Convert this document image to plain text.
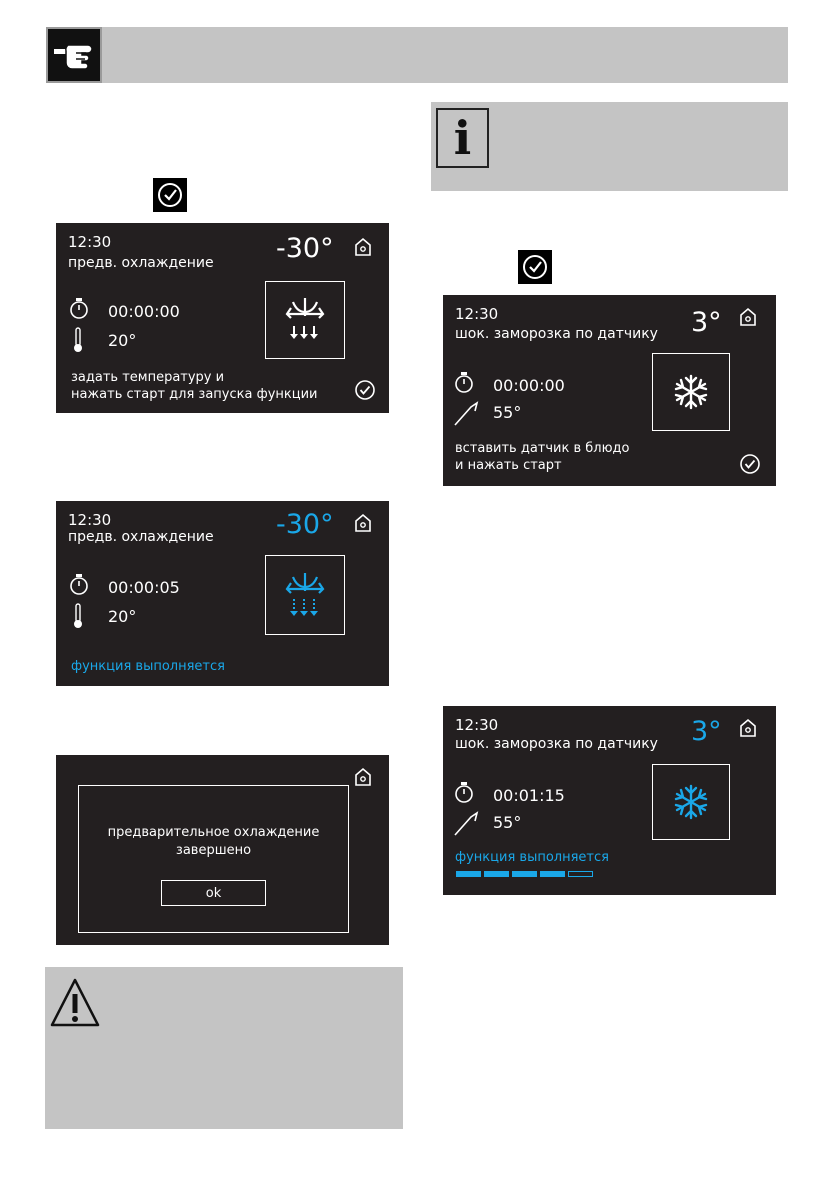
12:30
предв. охлаждение -30°
00:00:00
20°
задать температуру и
нажать старт для запуска функции
12:30
предв. охлаждение -30°
00:00:05
20°
функция выполняется
предварительное охлаждение
завершено
ok
i
12:30
шок. заморозка по датчику 3°
00:00:00
55°
вставить датчик в блюдо
и нажать старт
12:30
шок. заморозка по датчику 3°
00:01:15
55°
функция выполняется
